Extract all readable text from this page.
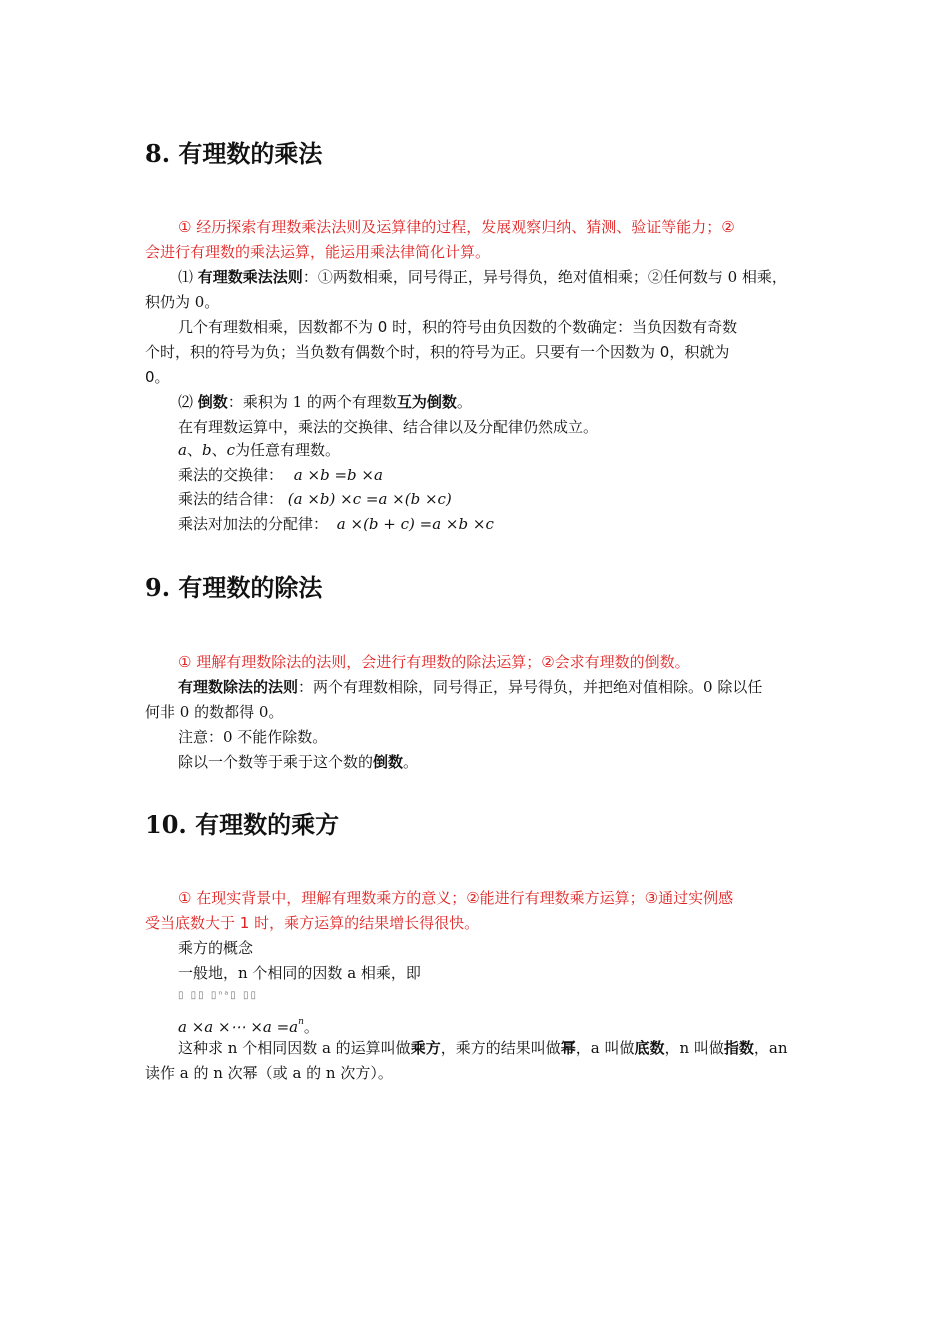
8. 有理数的乘法
① 经历探索有理数乘法法则及运算律的过程，发展观察归纳、猜测、验证等能力；②
会进行有理数的乘法运算，能运用乘法律简化计算。
⑴ 有理数乘法法则：①两数相乘，同号得正，异号得负，绝对值相乘；②任何数与 0 相乘，
积仍为 0。
几个有理数相乘，因数都不为 0 时，积的符号由负因数的个数确定：当负因数有奇数
个时，积的符号为负；当负数有偶数个时，积的符号为正。只要有一个因数为 0，积就为
0。
⑵ 倒数：乘积为 1 的两个有理数互为倒数。
在有理数运算中，乘法的交换律、结合律以及分配律仍然成立。
a、b、c为任意有理数。
乘法的交换律： a ×b =b ×a
乘法的结合律： (a ×b) ×c =a ×(b ×c)
乘法对加法的分配律： a ×(b + c) =a ×b ×c
9. 有理数的除法
① 理解有理数除法的法则，会进行有理数的除法运算；②会求有理数的倒数。
有理数除法的法则：两个有理数相除，同号得正，异号得负，并把绝对值相除。0 除以任
何非 0 的数都得 0。
注意：0 不能作除数。
除以一个数等于乘于这个数的倒数。
10. 有理数的乘方
① 在现实背景中，理解有理数乘方的意义；②能进行有理数乘方运算；③通过实例感
受当底数大于 1 时，乘方运算的结果增长得很快。
乘方的概念
一般地，n 个相同的因数 a 相乘，即
▯ ▯▯ ▯ⁿᵃ▯ ▯▯
a ×a ×⋯ $\times a =a^n$。
这种求 n 个相同因数 a 的运算叫做乘方，乘方的结果叫做幂，a 叫做底数，n 叫做指数，an
读作 a 的 n 次幂（或 a 的 n 次方）。
